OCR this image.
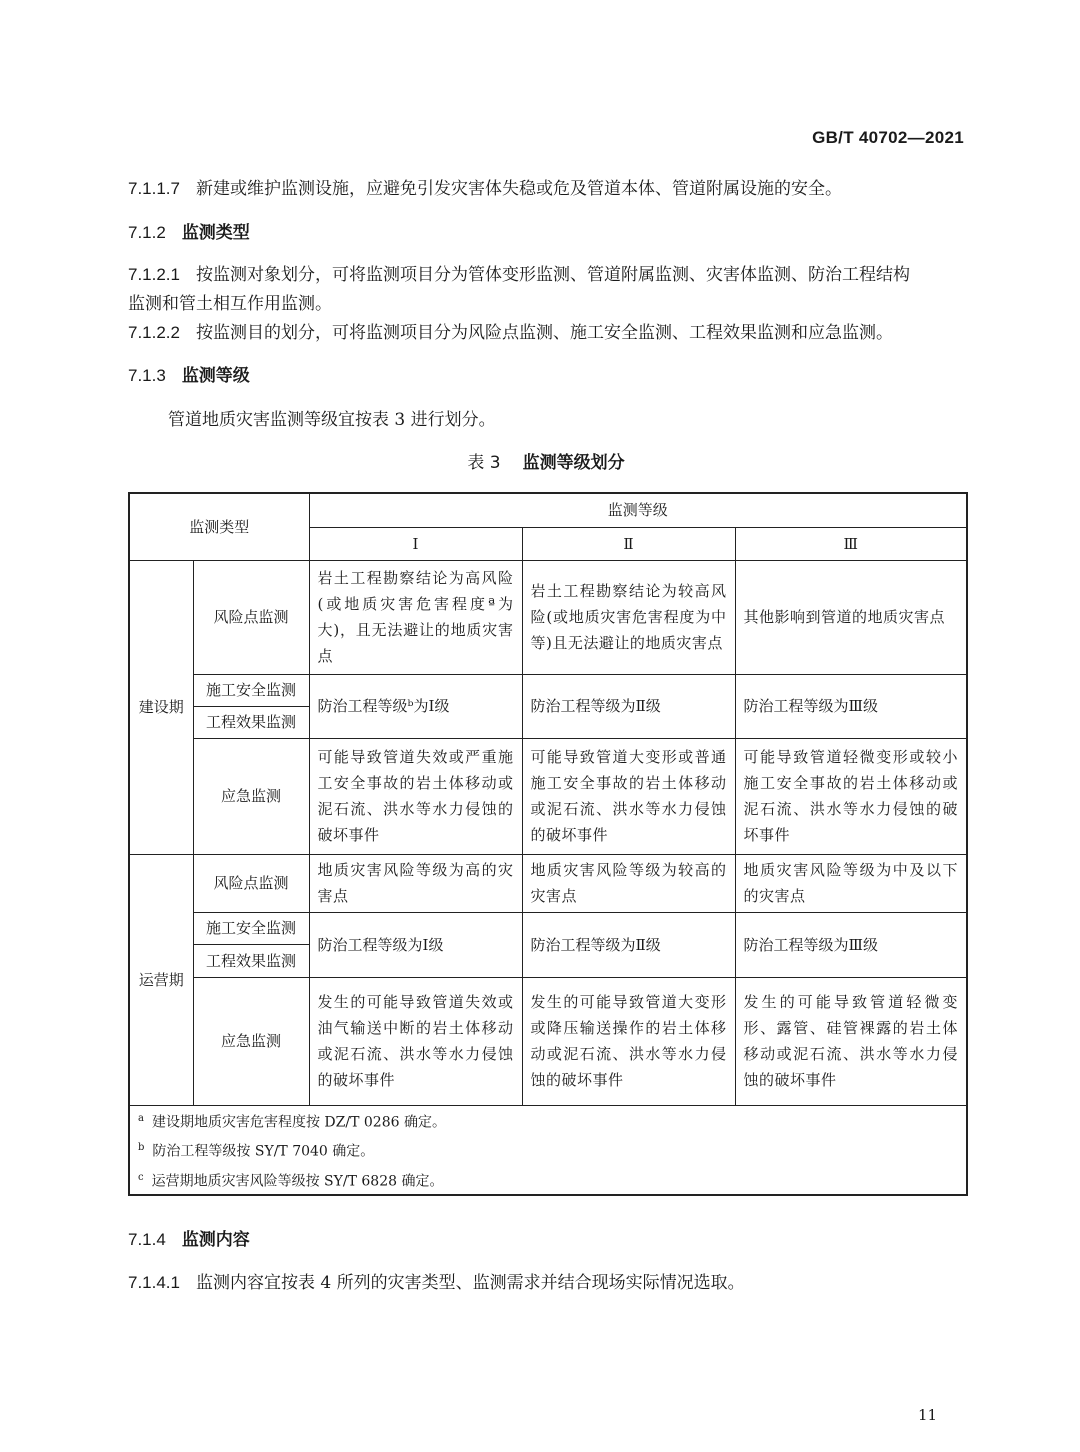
GB/T 40702—2021
7.1.1.7 新建或维护监测设施，应避免引发灾害体失稳或危及管道本体、管道附属设施的安全。
7.1.2 监测类型
7.1.2.1 按监测对象划分，可将监测项目分为管体变形监测、管道附属监测、灾害体监测、防治工程结构
监测和管土相互作用监测。
7.1.2.2 按监测目的划分，可将监测项目分为风险点监测、施工安全监测、工程效果监测和应急监测。
7.1.3 监测等级
管道地质灾害监测等级宜按表 3 进行划分。
表 3 监测等级划分
监测类型		监测等级		
		Ⅰ	Ⅱ	Ⅲ
建设期	风险点监测	岩土工程勘察结论为高风险(或地质灾害危害程度ª为大)，且无法避让的地质灾害点	岩土工程勘察结论为较高风险(或地质灾害危害程度为中等)且无法避让的地质灾害点	其他影响到管道的地质灾害点
	施工安全监测	防治工程等级ᵇ为Ⅰ级	防治工程等级为Ⅱ级	防治工程等级为Ⅲ级
	工程效果监测			
	应急监测	可能导致管道失效或严重施工安全事故的岩土体移动或泥石流、洪水等水力侵蚀的破坏事件	可能导致管道大变形或普通施工安全事故的岩土体移动或泥石流、洪水等水力侵蚀的破坏事件	可能导致管道轻微变形或较小施工安全事故的岩土体移动或泥石流、洪水等水力侵蚀的破坏事件
运营期	风险点监测	地质灾害风险等级为高的灾害点	地质灾害风险等级为较高的灾害点	地质灾害风险等级为中及以下的灾害点
	施工安全监测	防治工程等级为Ⅰ级	防治工程等级为Ⅱ级	防治工程等级为Ⅲ级
	工程效果监测			
	应急监测	发生的可能导致管道失效或油气输送中断的岩土体移动或泥石流、洪水等水力侵蚀的破坏事件	发生的可能导致管道大变形或降压输送操作的岩土体移动或泥石流、洪水等水力侵蚀的破坏事件	发生的可能导致管道轻微变形、露管、硅管裸露的岩土体移动或泥石流、洪水等水力侵蚀的破坏事件

$^a$ 建设期地质灾害危害程度按 DZ/T 0286 确定。
$^b$ 防治工程等级按 SY/T 7040 确定。
$^c$ 运营期地质灾害风险等级按 SY/T 6828 确定。				
7.1.4 监测内容
7.1.4.1 监测内容宜按表 4 所列的灾害类型、监测需求并结合现场实际情况选取。
11
